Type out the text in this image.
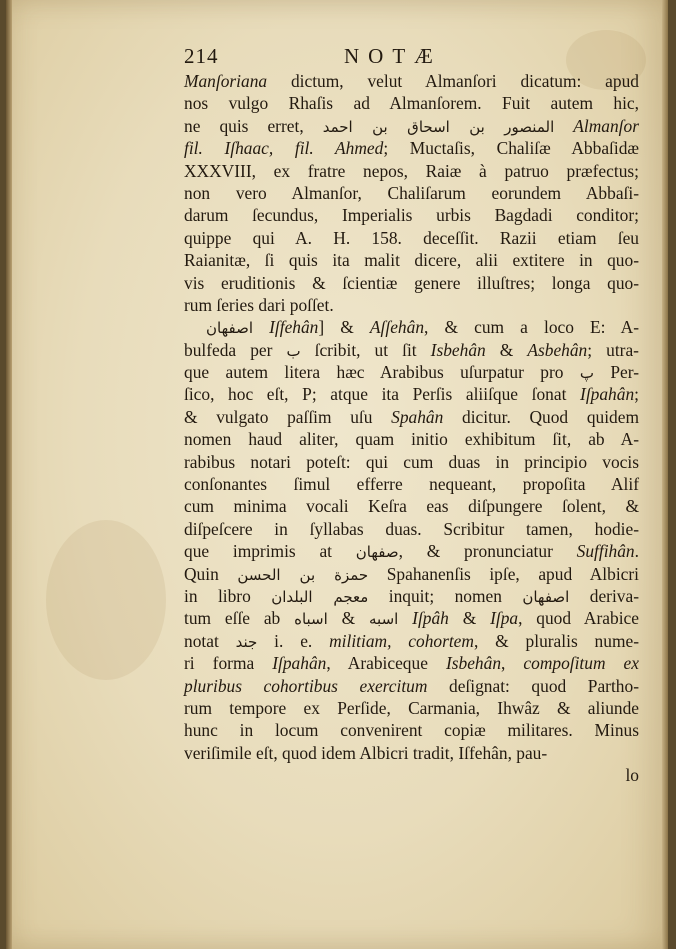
214	NOTÆ
Manſoriana dictum, velut Almanſori dicatum: apud
nos vulgo Rhaſis ad Almanſorem. Fuit autem hic,
ne quis erret, المنصور بن اسحاق بن احمد Almanſor
fil. Iſhaac, fil. Ahmed; Muctaſis, Chaliſæ Abbaſidæ
XXXVIII, ex fratre nepos, Raiæ à patruo præfectus;
non vero Almanſor, Chaliſarum eorundem Abbaſi-
darum ſecundus, Imperialis urbis Bagdadi conditor;
quippe qui A. H. 158. deceſſit. Razii etiam ſeu
Raianitæ, ſi quis ita malit dicere, alii extitere in quo-
vis eruditionis & ſcientiæ genere illuſtres; longa quo-
rum ſeries dari poſſet.
اصفهان Iſfehân] & Aſſehân, & cum a loco E: A-
bulfeda per ب ſcribit, ut ſit Isbehân & Asbehân; utra-
que autem litera hæc Arabibus uſurpatur pro پ Per-
ſico, hoc eſt, P; atque ita Perſis aliiſque ſonat Iſpahân;
& vulgato paſſim uſu Spahân dicitur. Quod quidem
nomen haud aliter, quam initio exhibitum ſit, ab A-
rabibus notari poteſt: qui cum duas in principio vocis
conſonantes ſimul efferre nequeant, propoſita Alif
cum minima vocali Keſra eas diſpungere ſolent, &
diſpeſcere in ſyllabas duas. Scribitur tamen, hodie-
que imprimis at صفهان, & pronunciatur Suffihân.
Quin حمزة بن الحسن Spahanenſis ipſe, apud Albicri
in libro معجم البلدان inquit; nomen اصفهان deriva-
tum eſſe ab اسباه & اسبه Iſpâh & Iſpa, quod Arabice
notat جند i. e. militiam, cohortem, & pluralis nume-
ri forma Iſpahân, Arabiceque Isbehân, compoſitum ex
pluribus cohortibus exercitum deſignat: quod Partho-
rum tempore ex Perſide, Carmania, Ihwâz & aliunde
hunc in locum convenirent copiæ militares. Minus
veriſimile eſt, quod idem Albicri tradit, Iſfehân, pau-
lo
